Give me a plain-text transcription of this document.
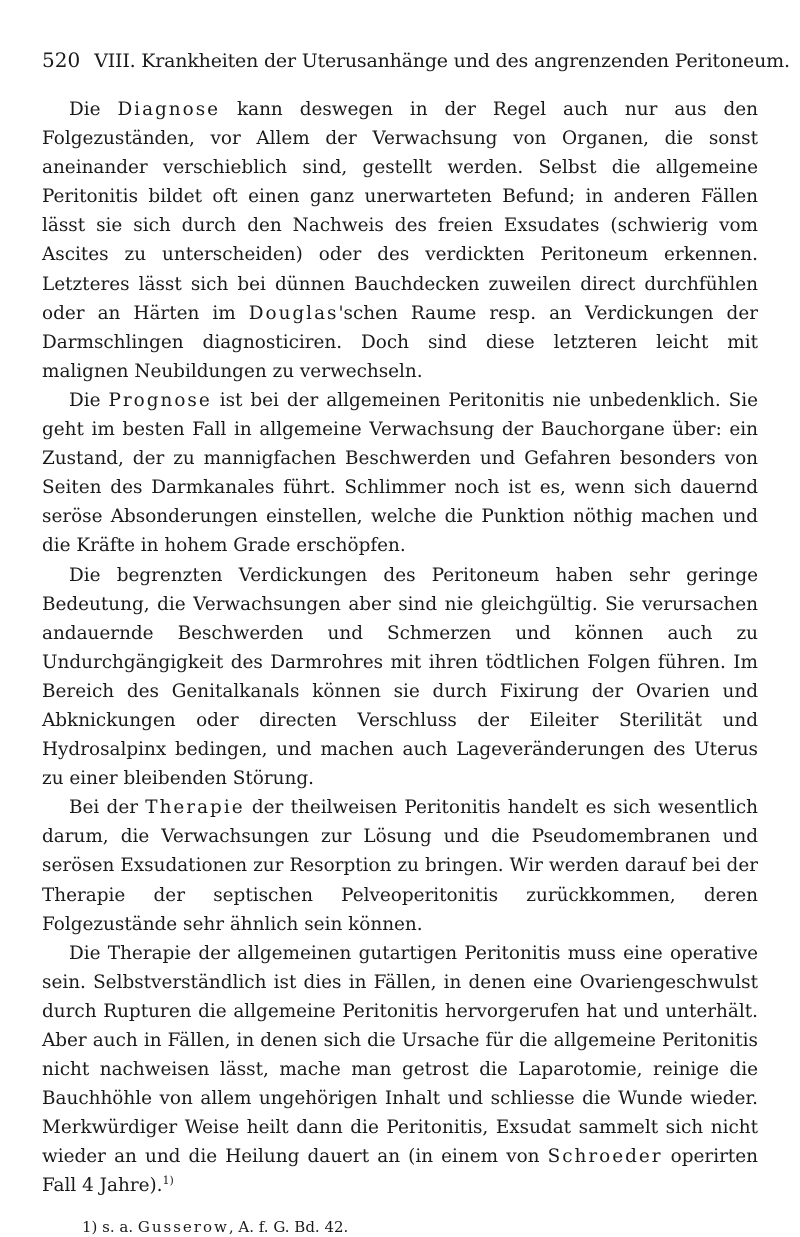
520 VIII. Krankheiten der Uterusanhänge und des angrenzenden Peritoneum.

Die Diagnose kann deswegen in der Regel auch nur aus den Folgezuständen, vor Allem der Verwachsung von Organen, die sonst aneinander verschieblich sind, gestellt werden. Selbst die allgemeine Peritonitis bildet oft einen ganz unerwarteten Befund; in anderen Fällen lässt sie sich durch den Nachweis des freien Exsudates (schwierig vom Ascites zu unterscheiden) oder des verdickten Peritoneum erkennen. Letzteres lässt sich bei dünnen Bauchdecken zuweilen direct durchfühlen oder an Härten im Douglas'schen Raume resp. an Verdickungen der Darmschlingen diagnosticiren. Doch sind diese letzteren leicht mit malignen Neubildungen zu verwechseln.

Die Prognose ist bei der allgemeinen Peritonitis nie unbedenklich. Sie geht im besten Fall in allgemeine Verwachsung der Bauchorgane über: ein Zustand, der zu mannigfachen Beschwerden und Gefahren besonders von Seiten des Darmkanales führt. Schlimmer noch ist es, wenn sich dauernd seröse Absonderungen einstellen, welche die Punktion nöthig machen und die Kräfte in hohem Grade erschöpfen.

Die begrenzten Verdickungen des Peritoneum haben sehr geringe Bedeutung, die Verwachsungen aber sind nie gleichgültig. Sie verursachen andauernde Beschwerden und Schmerzen und können auch zu Undurchgängigkeit des Darmrohres mit ihren tödtlichen Folgen führen. Im Bereich des Genitalkanals können sie durch Fixirung der Ovarien und Abknickungen oder directen Verschluss der Eileiter Sterilität und Hydrosalpinx bedingen, und machen auch Lageveränderungen des Uterus zu einer bleibenden Störung.

Bei der Therapie der theilweisen Peritonitis handelt es sich wesentlich darum, die Verwachsungen zur Lösung und die Pseudomembranen und serösen Exsudationen zur Resorption zu bringen. Wir werden darauf bei der Therapie der septischen Pelveoperitonitis zurückkommen, deren Folgezustände sehr ähnlich sein können.

Die Therapie der allgemeinen gutartigen Peritonitis muss eine operative sein. Selbstverständlich ist dies in Fällen, in denen eine Ovariengeschwulst durch Rupturen die allgemeine Peritonitis hervorgerufen hat und unterhält. Aber auch in Fällen, in denen sich die Ursache für die allgemeine Peritonitis nicht nachweisen lässt, mache man getrost die Laparotomie, reinige die Bauchhöhle von allem ungehörigen Inhalt und schliesse die Wunde wieder. Merkwürdiger Weise heilt dann die Peritonitis, Exsudat sammelt sich nicht wieder an und die Heilung dauert an (in einem von Schroeder operirten Fall 4 Jahre).$^{1)}$

1) s. a. Gusserow, A. f. G. Bd. 42.
